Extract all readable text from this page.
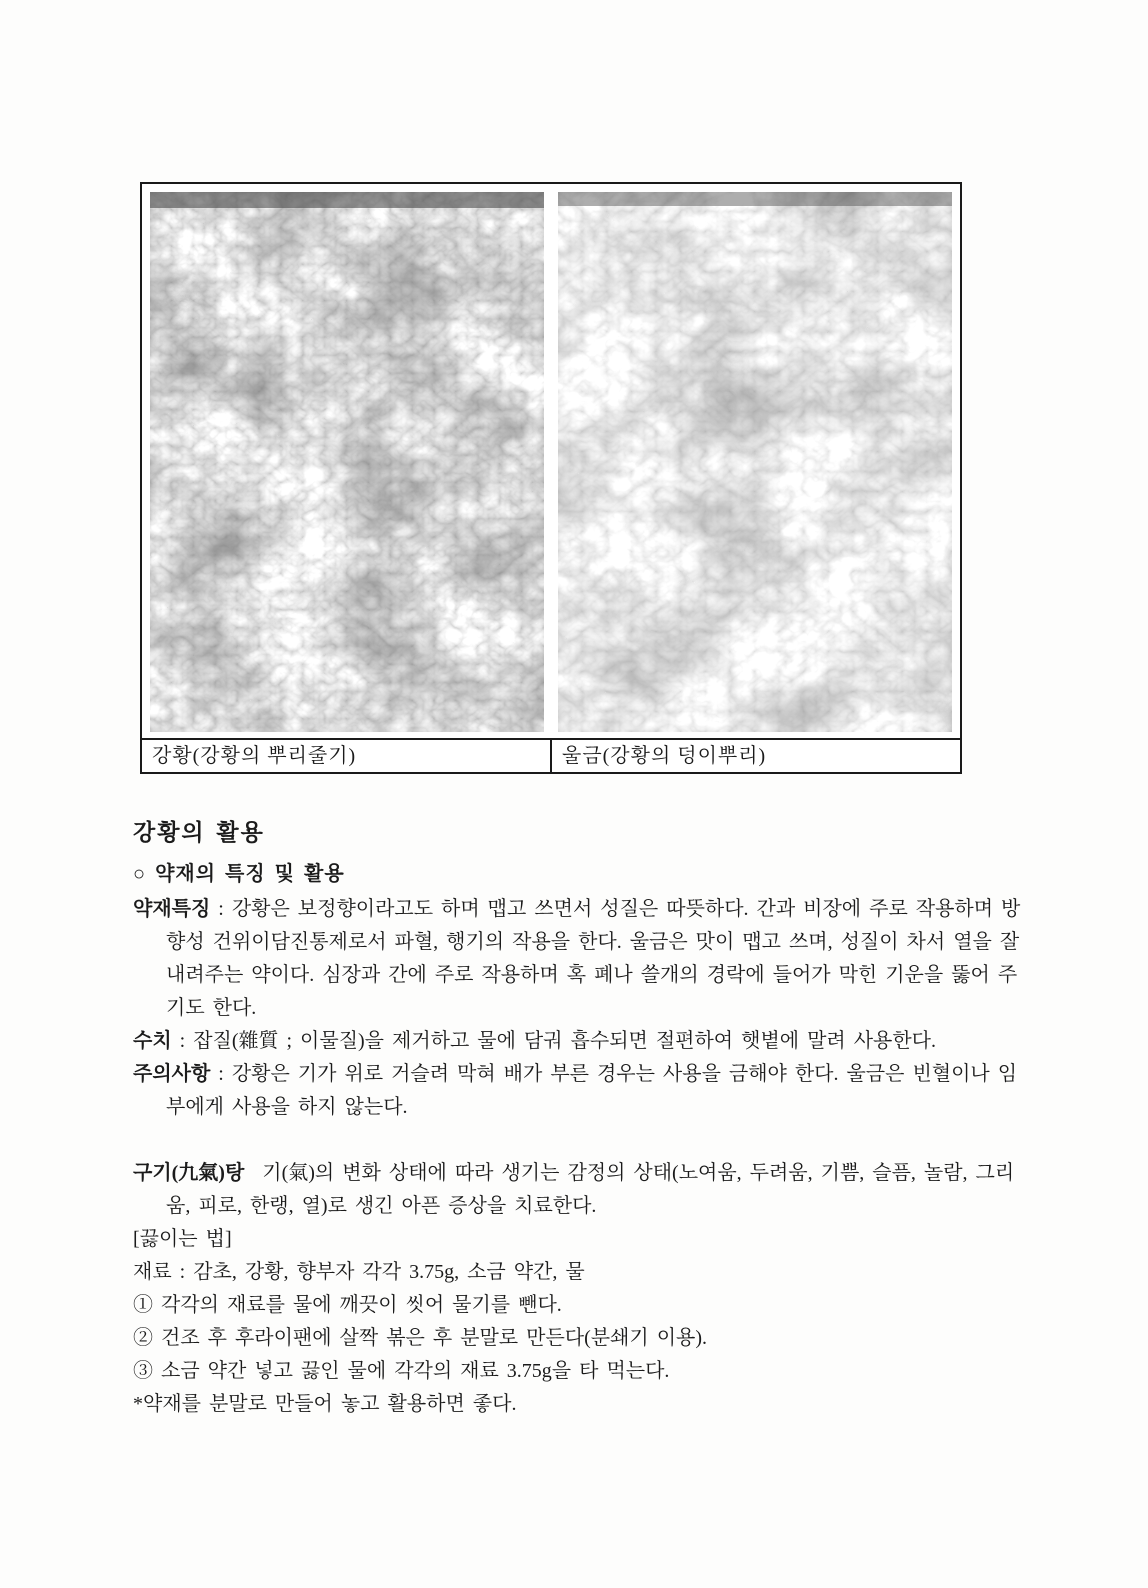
강황(강황의 뿌리줄기)	울금(강황의 덩이뿌리)
강황의 활용
○ 약재의 특징 및 활용

약재특징 : 강황은 보정향이라고도 하며 맵고 쓰면서 성질은 따뜻하다. 간과 비장에 주로 작용하며 방향성 건위이담진통제로서 파혈, 행기의 작용을 한다. 울금은 맛이 맵고 쓰며, 성질이 차서 열을 잘 내려주는 약이다. 심장과 간에 주로 작용하며 혹 폐나 쓸개의 경락에 들어가 막힌 기운을 뚫어 주기도 한다.

수치 : 잡질(雜質 ; 이물질)을 제거하고 물에 담궈 흡수되면 절편하여 햇볕에 말려 사용한다.

주의사항 : 강황은 기가 위로 거슬려 막혀 배가 부른 경우는 사용을 금해야 한다. 울금은 빈혈이나 임부에게 사용을 하지 않는다.

구기(九氣)탕   기(氣)의 변화 상태에 따라 생기는 감정의 상태(노여움, 두려움, 기쁨, 슬픔, 놀람, 그리움, 피로, 한랭, 열)로 생긴 아픈 증상을 치료한다.

[끓이는 법]

재료 : 감초, 강황, 향부자 각각 3.75g, 소금 약간, 물

① 각각의 재료를 물에 깨끗이 씻어 물기를 뺀다.

② 건조 후 후라이팬에 살짝 볶은 후 분말로 만든다(분쇄기 이용).

③ 소금 약간 넣고 끓인 물에 각각의 재료 3.75g을 타 먹는다.

*약재를 분말로 만들어 놓고 활용하면 좋다.
